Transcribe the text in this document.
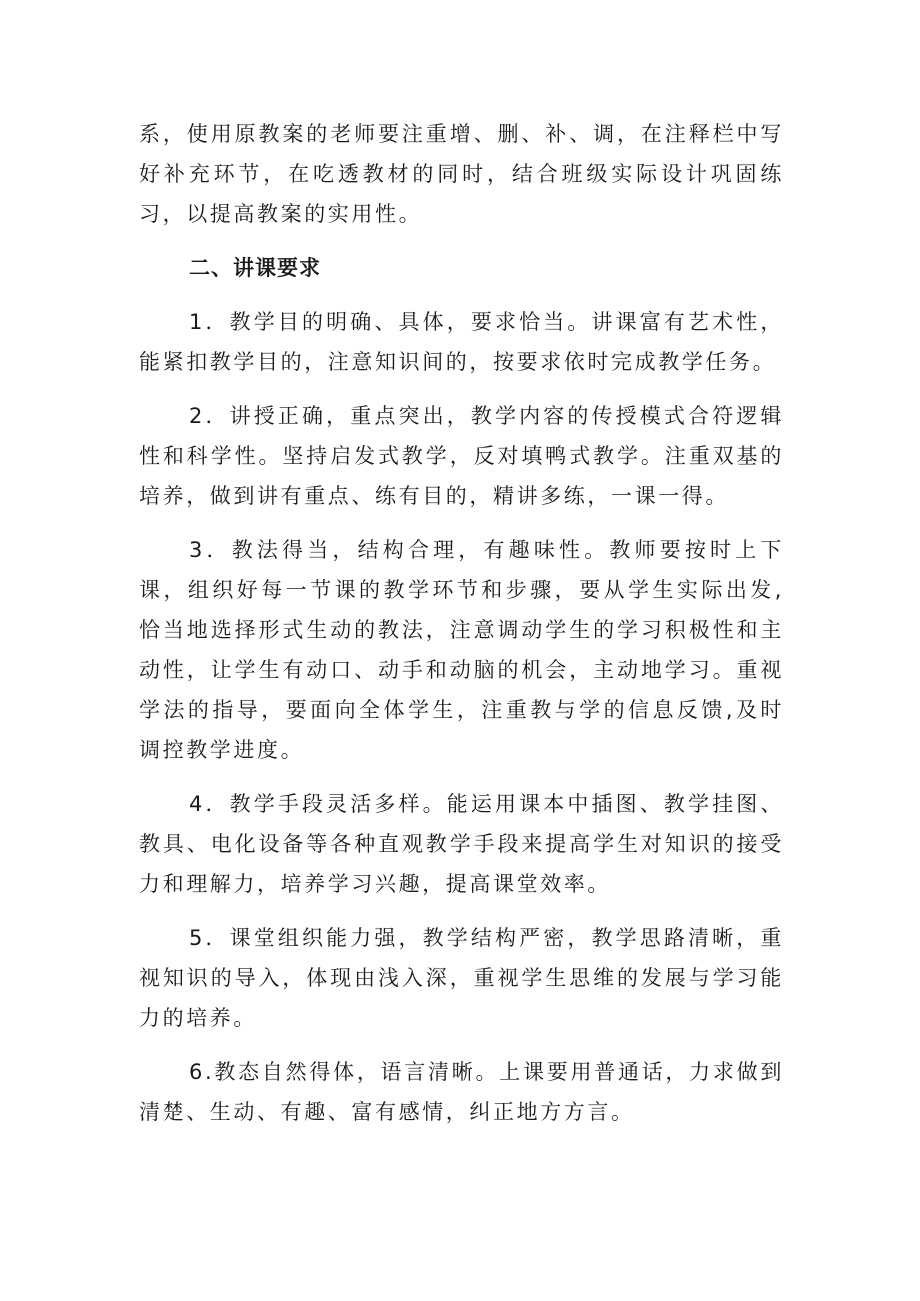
系，使用原教案的老师要注重增、删、补、调，在注释栏中写好补充环节，在吃透教材的同时，结合班级实际设计巩固练习，以提高教案的实用性。

二、讲课要求

1．教学目的明确、具体，要求恰当。讲课富有艺术性，能紧扣教学目的，注意知识间的，按要求依时完成教学任务。

2．讲授正确，重点突出，教学内容的传授模式合符逻辑性和科学性。坚持启发式教学，反对填鸭式教学。注重双基的培养，做到讲有重点、练有目的，精讲多练，一课一得。

3．教法得当，结构合理，有趣味性。教师要按时上下课，组织好每一节课的教学环节和步骤，要从学生实际出发,恰当地选择形式生动的教法，注意调动学生的学习积极性和主动性，让学生有动口、动手和动脑的机会，主动地学习。重视学法的指导，要面向全体学生，注重教与学的信息反馈,及时调控教学进度。

4．教学手段灵活多样。能运用课本中插图、教学挂图、教具、电化设备等各种直观教学手段来提高学生对知识的接受力和理解力，培养学习兴趣，提高课堂效率。

5．课堂组织能力强，教学结构严密，教学思路清晰，重视知识的导入，体现由浅入深，重视学生思维的发展与学习能力的培养。

6.教态自然得体，语言清晰。上课要用普通话，力求做到清楚、生动、有趣、富有感情，纠正地方方言。
